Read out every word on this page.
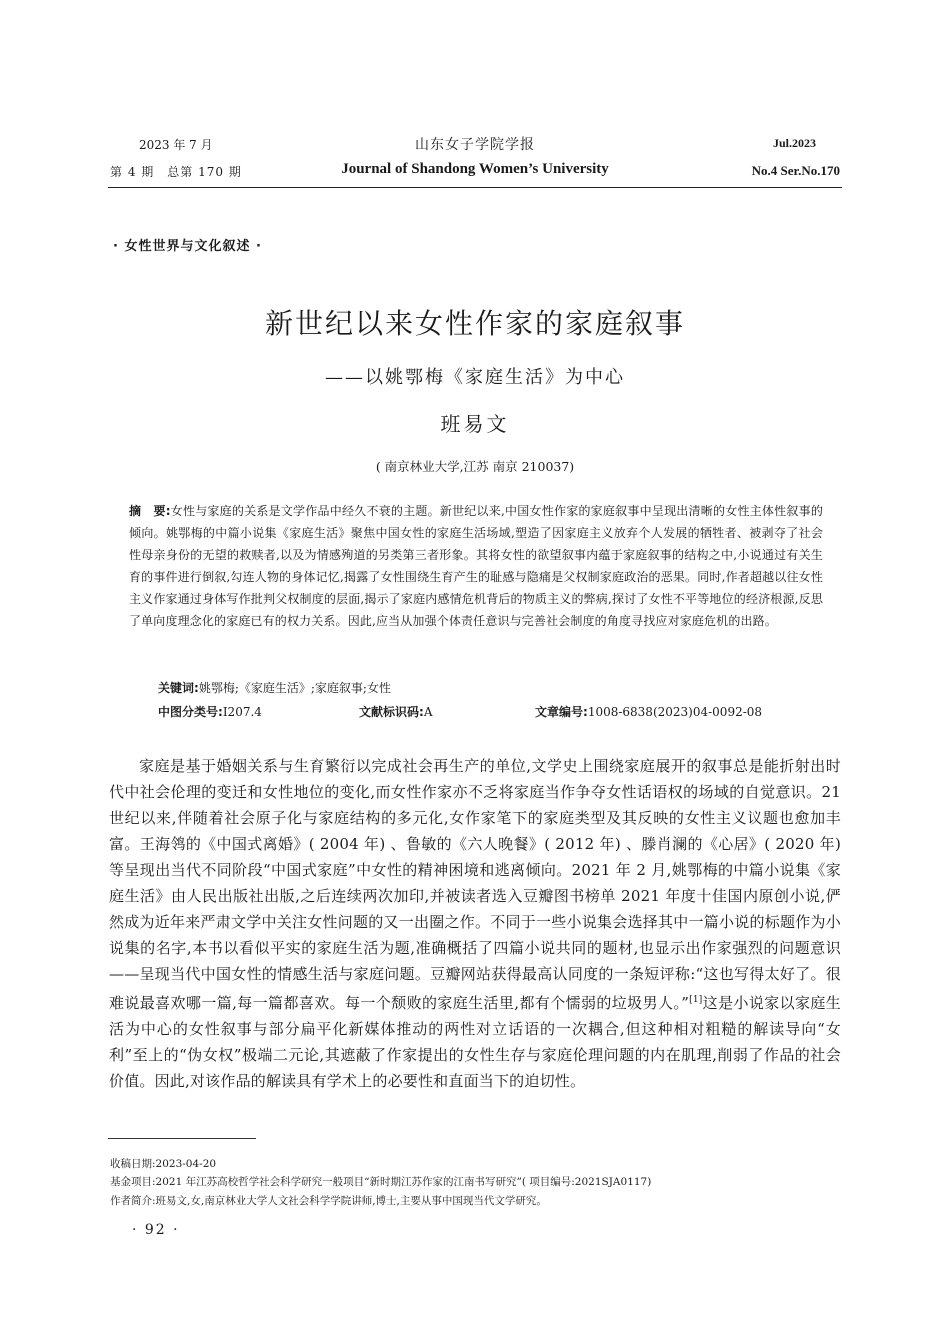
2023 年 7 月	山东女子学院学报	Jul.2023
第 4 期　总第 170 期	Journal of Shandong Women’s University	No.4 Ser.No.170
· 女性世界与文化叙述 ·
新世纪以来女性作家的家庭叙事
——以姚鄂梅《家庭生活》为中心
班易文
( 南京林业大学,江苏 南京 210037)
摘　要:女性与家庭的关系是文学作品中经久不衰的主题。新世纪以来,中国女性作家的家庭叙事中呈现出清晰的女性主体性叙事的倾向。姚鄂梅的中篇小说集《家庭生活》聚焦中国女性的家庭生活场域,塑造了因家庭主义放弃个人发展的牺牲者、被剥夺了社会性母亲身份的无望的救赎者,以及为情感殉道的另类第三者形象。其将女性的欲望叙事内蕴于家庭叙事的结构之中,小说通过有关生育的事件进行倒叙,勾连人物的身体记忆,揭露了女性围绕生育产生的耻感与隐痛是父权制家庭政治的恶果。同时,作者超越以往女性主义作家通过身体写作批判父权制度的层面,揭示了家庭内感情危机背后的物质主义的弊病,探讨了女性不平等地位的经济根源,反思了单向度理念化的家庭已有的权力关系。因此,应当从加强个体责任意识与完善社会制度的角度寻找应对家庭危机的出路。
关键词:姚鄂梅;《家庭生活》;家庭叙事;女性
中图分类号:I207.4	文献标识码:A	文章编号:1008-6838(2023)04-0092-08
家庭是基于婚姻关系与生育繁衍以完成社会再生产的单位,文学史上围绕家庭展开的叙事总是能折射出时代中社会伦理的变迁和女性地位的变化,而女性作家亦不乏将家庭当作争夺女性话语权的场域的自觉意识。21 世纪以来,伴随着社会原子化与家庭结构的多元化,女作家笔下的家庭类型及其反映的女性主义议题也愈加丰富。王海鸰的《中国式离婚》( 2004 年) 、鲁敏的《六人晚餐》( 2012 年) 、滕肖澜的《心居》( 2020 年) 等呈现出当代不同阶段“中国式家庭”中女性的精神困境和逃离倾向。2021 年 2 月,姚鄂梅的中篇小说集《家庭生活》由人民出版社出版,之后连续两次加印,并被读者选入豆瓣图书榜单 2021 年度十佳国内原创小说,俨然成为近年来严肃文学中关注女性问题的又一出圈之作。不同于一些小说集会选择其中一篇小说的标题作为小说集的名字,本书以看似平实的家庭生活为题,准确概括了四篇小说共同的题材,也显示出作家强烈的问题意识——呈现当代中国女性的情感生活与家庭问题。豆瓣网站获得最高认同度的一条短评称:“这也写得太好了。很难说最喜欢哪一篇,每一篇都喜欢。每一个颓败的家庭生活里,都有个懦弱的垃圾男人。”[1]这是小说家以家庭生活为中心的女性叙事与部分扁平化新媒体推动的两性对立话语的一次耦合,但这种相对粗糙的解读导向“女利”至上的“伪女权”极端二元论,其遮蔽了作家提出的女性生存与家庭伦理问题的内在肌理,削弱了作品的社会价值。因此,对该作品的解读具有学术上的必要性和直面当下的迫切性。
收稿日期:2023-04-20
基金项目:2021 年江苏高校哲学社会科学研究一般项目“新时期江苏作家的江南书写研究”( 项目编号:2021SJA0117)
作者简介:班易文,女,南京林业大学人文社会科学学院讲师,博士,主要从事中国现当代文学研究。
· 92 ·
